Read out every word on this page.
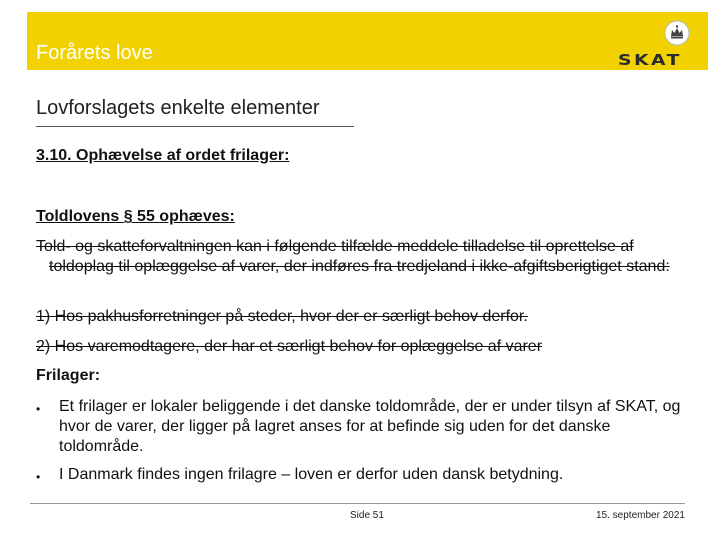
Forårets love	SKAT
Lovforslagets enkelte elementer
3.10. Ophævelse af ordet frilager:
Toldlovens § 55 ophæves:
Told- og skatteforvaltningen kan i følgende tilfælde meddele tilladelse til oprettelse af toldoplag til oplæggelse af varer, der indføres fra tredjeland i ikke-afgiftsberigtiget stand:
1) Hos pakhusforretninger på steder, hvor der er særligt behov derfor.
2) Hos varemodtagere, der har et særligt behov for oplæggelse af varer
Frilager:
• Et frilager er lokaler beliggende i det danske toldområde, der er under tilsyn af SKAT, og hvor de varer, der ligger på lagret anses for at befinde sig uden for det danske toldområde.
• I Danmark findes ingen frilagre – loven er derfor uden dansk betydning.
Side 51	15. september 2021
